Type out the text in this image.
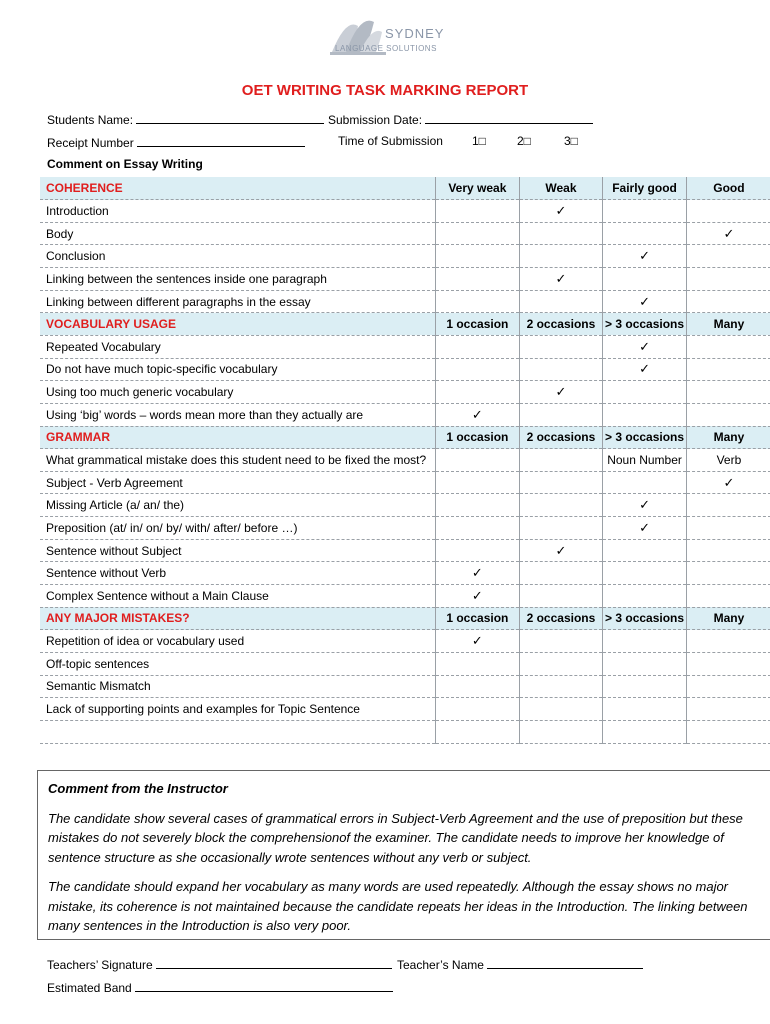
SYDNEY
LANGUAGE SOLUTIONS
OET WRITING TASK MARKING REPORT
Students Name:	Submission Date:
Receipt Number	Time of Submission 1□	2□	3□
Comment on Essay Writing
COHERENCE	Very weak	Weak	Fairly good	Good
Introduction		✓		
Body				✓
Conclusion			✓	
Linking between the sentences inside one paragraph		✓		
Linking between different paragraphs in the essay			✓	
VOCABULARY USAGE	1 occasion	2 occasions	> 3 occasions	Many
Repeated Vocabulary			✓	
Do not have much topic-specific vocabulary			✓	
Using too much generic vocabulary		✓		
Using ‘big’ words – words mean more than they actually are	✓			
GRAMMAR	1 occasion	2 occasions	> 3 occasions	Many
What grammatical mistake does this student need to be fixed the most?			Noun Number	Verb
Subject - Verb Agreement				✓
Missing Article (a/ an/ the)			✓	
Preposition (at/ in/ on/ by/ with/ after/ before …)			✓	
Sentence without Subject		✓		
Sentence without Verb	✓			
Complex Sentence without a Main Clause	✓			
ANY MAJOR MISTAKES?	1 occasion	2 occasions	> 3 occasions	Many
Repetition of idea or vocabulary used	✓			
Off-topic sentences				
Semantic Mismatch				
Lack of supporting points and examples for Topic Sentence				

Comment from the Instructor

The candidate show several cases of grammatical errors in Subject-Verb Agreement and the use of preposition but these mistakes do not severely block the comprehensionof the examiner. The candidate needs to improve her knowledge of sentence structure as she occasionally wrote sentences without any verb or subject.

The candidate should expand her vocabulary as many words are used repeatedly. Although the essay shows no major mistake, its coherence is not maintained because the candidate repeats her ideas in the Introduction. The linking between many sentences in the Introduction is also very poor.

Teachers’ Signature	Teacher’s Name
Estimated Band
